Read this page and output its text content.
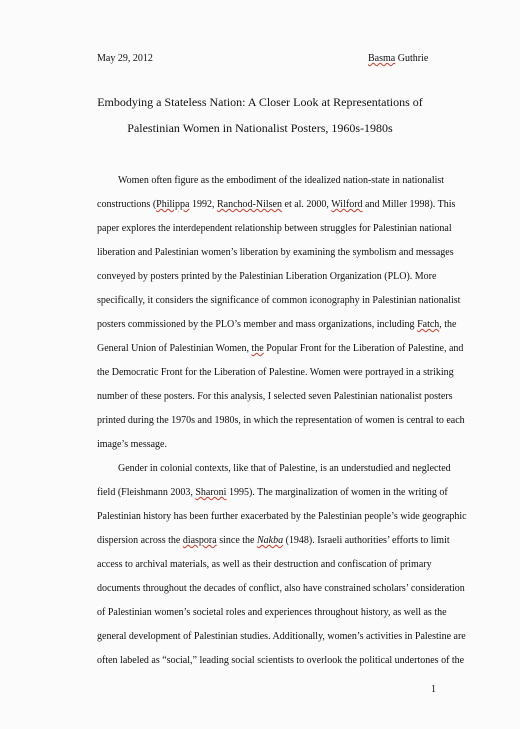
May 29, 2012	Basma Guthrie
Embodying a Stateless Nation: A Closer Look at Representations of
Palestinian Women in Nationalist Posters, 1960s-1980s
Women often figure as the embodiment of the idealized nation-state in nationalist
constructions (Philippa 1992, Ranchod-Nilsen et al. 2000, Wilford and Miller 1998). This
paper explores the interdependent relationship between struggles for Palestinian national
liberation and Palestinian women’s liberation by examining the symbolism and messages
conveyed by posters printed by the Palestinian Liberation Organization (PLO). More
specifically, it considers the significance of common iconography in Palestinian nationalist
posters commissioned by the PLO’s member and mass organizations, including Fatch, the
General Union of Palestinian Women, the Popular Front for the Liberation of Palestine, and
the Democratic Front for the Liberation of Palestine. Women were portrayed in a striking
number of these posters. For this analysis, I selected seven Palestinian nationalist posters
printed during the 1970s and 1980s, in which the representation of women is central to each
image’s message.
Gender in colonial contexts, like that of Palestine, is an understudied and neglected
field (Fleishmann 2003, Sharoni 1995). The marginalization of women in the writing of
Palestinian history has been further exacerbated by the Palestinian people’s wide geographic
dispersion across the diaspora since the Nakba (1948). Israeli authorities’ efforts to limit
access to archival materials, as well as their destruction and confiscation of primary
documents throughout the decades of conflict, also have constrained scholars’ consideration
of Palestinian women’s societal roles and experiences throughout history, as well as the
general development of Palestinian studies. Additionally, women’s activities in Palestine are
often labeled as “social,” leading social scientists to overlook the political undertones of the
1
